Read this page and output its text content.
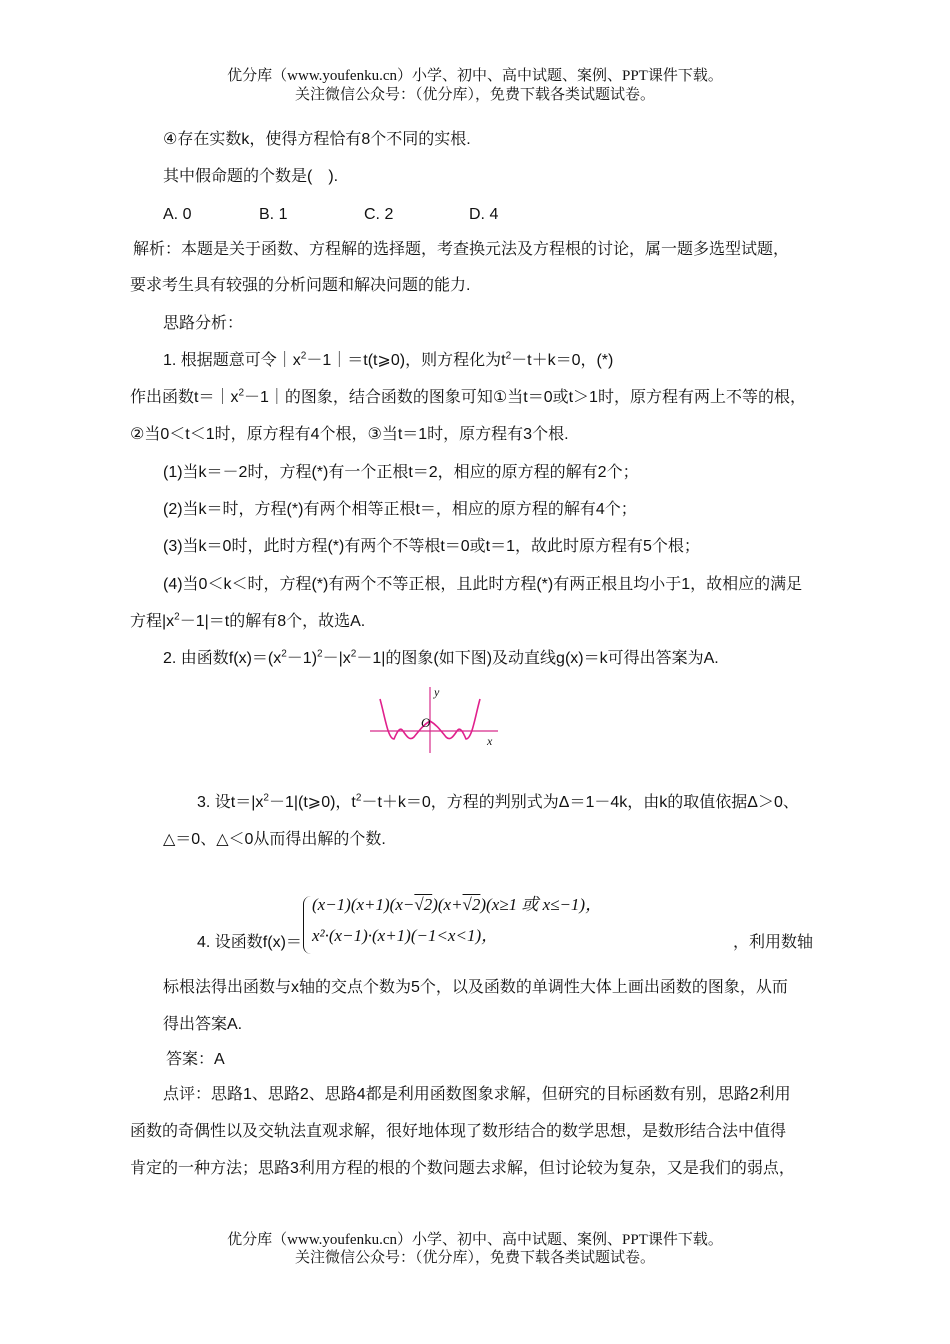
优分库（www.youfenku.cn）小学、初中、高中试题、案例、PPT课件下载。
关注微信公众号：（优分库），免费下载各类试题试卷。
④存在实数k，使得方程恰有8个不同的实根.
其中假命题的个数是(　).
A. 0	B. 1	C. 2	D. 4
解析：本题是关于函数、方程解的选择题，考查换元法及方程根的讨论，属一题多选型试题，
要求考生具有较强的分析问题和解决问题的能力.
思路分析：
1. 根据题意可令$|x^2-1|=t(t⩾0)$，则方程化为$t^2-t+k=0$，(*)
作出函数$t=|x^2-1|$的图象，结合函数的图象可知①当t＝0或t＞1时，原方程有两上不等的根，
②当0＜t＜1时，原方程有4个根，③当t＝1时，原方程有3个根.
(1)当k＝－2时，方程(*)有一个正根t＝2，相应的原方程的解有2个；
(2)当k＝时，方程(*)有两个相等正根t＝，相应的原方程的解有4个；
(3)当k＝0时，此时方程(*)有两个不等根t＝0或t＝1，故此时原方程有5个根；
(4)当0＜k＜时，方程(*)有两个不等正根，且此时方程(*)有两正根且均小于1，故相应的满足
方程$|x^2-1|=t$的解有8个，故选A.
2. 由函数$f(x)=(x^2-1)^2-|x^2-1|$的图象(如下图)及动直线g(x)＝k可得出答案为A.
y
O
x
3. 设$t=|x^2-1|(t⩾0)$，$t^2-t+k=0$，方程的判别式为Δ＝1－4k，由k的取值依据Δ＞0、
△＝0、△＜0从而得出解的个数.
4. 设函数f(x)＝
(x−1)(x+1)(x−√2)(x+√2)(x≥1 或 x≤−1)，
x²·(x−1)·(x+1)(−1<x<1)，	，利用数轴
标根法得出函数与x轴的交点个数为5个，以及函数的单调性大体上画出函数的图象，从而
得出答案A.
答案：A
点评：思路1、思路2、思路4都是利用函数图象求解，但研究的目标函数有别，思路2利用
函数的奇偶性以及交轨法直观求解，很好地体现了数形结合的数学思想，是数形结合法中值得
肯定的一种方法；思路3利用方程的根的个数问题去求解，但讨论较为复杂，又是我们的弱点，
优分库（www.youfenku.cn）小学、初中、高中试题、案例、PPT课件下载。
关注微信公众号：（优分库），免费下载各类试题试卷。
